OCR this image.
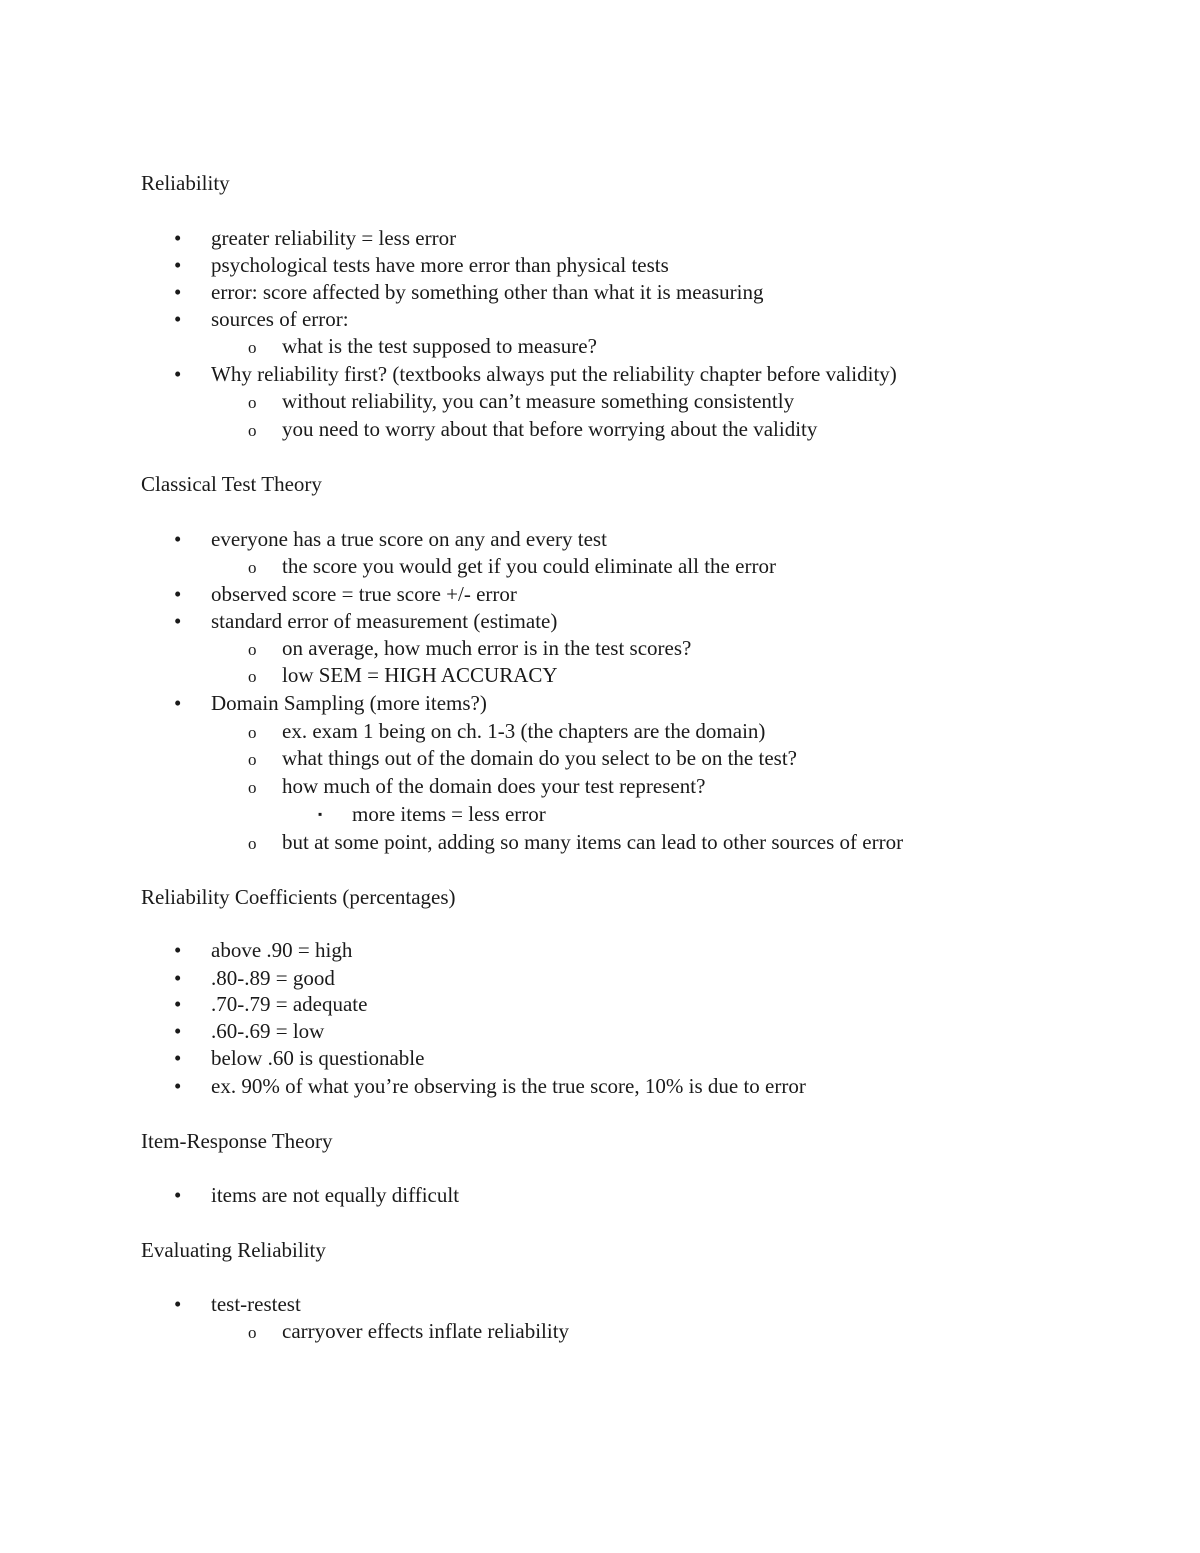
Reliability
• greater reliability = less error
• psychological tests have more error than physical tests
• error: score affected by something other than what it is measuring
• sources of error:
o what is the test supposed to measure?
• Why reliability first? (textbooks always put the reliability chapter before validity)
o without reliability, you can’t measure something consistently
o you need to worry about that before worrying about the validity
Classical Test Theory
• everyone has a true score on any and every test
o the score you would get if you could eliminate all the error
• observed score = true score +/- error
• standard error of measurement (estimate)
o on average, how much error is in the test scores?
o low SEM = HIGH ACCURACY
• Domain Sampling (more items?)
o ex. exam 1 being on ch. 1-3 (the chapters are the domain)
o what things out of the domain do you select to be on the test?
o how much of the domain does your test represent?
▪ more items = less error
o but at some point, adding so many items can lead to other sources of error
Reliability Coefficients (percentages)
• above .90 = high
• .80-.89 = good
• .70-.79 = adequate
• .60-.69 = low
• below .60 is questionable
• ex. 90% of what you’re observing is the true score, 10% is due to error
Item-Response Theory
• items are not equally difficult
Evaluating Reliability
• test-restest
o carryover effects inflate reliability
